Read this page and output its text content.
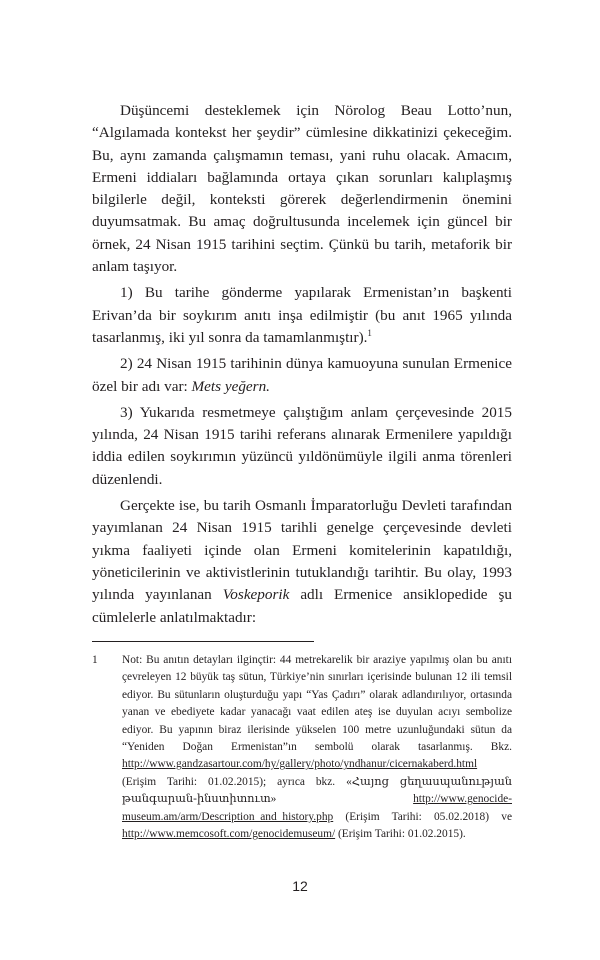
Düşüncemi desteklemek için Nörolog Beau Lotto’nun, “Algılamada kontekst her şeydir” cümlesine dikkatinizi çekeceğim. Bu, aynı zamanda çalışmamın teması, yani ruhu olacak. Amacım, Ermeni iddiaları bağlamında ortaya çıkan sorunları kalıplaşmış bilgilerle değil, konteksti görerek değerlendirmenin önemini duyumsatmak. Bu amaç doğrultusunda incelemek için güncel bir örnek, 24 Nisan 1915 tarihini seçtim. Çünkü bu tarih, metaforik bir anlam taşıyor.

1) Bu tarihe gönderme yapılarak Ermenistan’ın başkenti Erivan’da bir soykırım anıtı inşa edilmiştir (bu anıt 1965 yılında tasarlanmış, iki yıl sonra da tamamlanmıştır).$^1$

2) 24 Nisan 1915 tarihinin dünya kamuoyuna sunulan Ermenice özel bir adı var: Mets yeğern.

3) Yukarıda resmetmeye çalıştığım anlam çerçevesinde 2015 yılında, 24 Nisan 1915 tarihi referans alınarak Ermenilere yapıldığı iddia edilen soykırımın yüzüncü yıldönümüyle ilgili anma törenleri düzenlendi.

Gerçekte ise, bu tarih Osmanlı İmparatorluğu Devleti tarafından yayımlanan 24 Nisan 1915 tarihli genelge çerçevesinde devleti yıkma faaliyeti içinde olan Ermeni komitelerinin kapatıldığı, yöneticilerinin ve aktivistlerinin tutuklandığı tarihtir. Bu olay, 1993 yılında yayınlanan Voskeporik adlı Ermenice ansiklopedide şu cümlelerle anlatılmaktadır:

1	Not: Bu anıtın detayları ilginçtir: 44 metrekarelik bir araziye yapılmış olan bu anıtı çevreleyen 12 büyük taş sütun, Türkiye’nin sınırları içerisinde bulunan 12 ili temsil ediyor. Bu sütunların oluşturduğu yapı “Yas Çadırı” olarak adlandırılıyor, ortasında yanan ve ebediyete kadar yanacağı vaat edilen ateş ise duyulan acıyı sembolize ediyor. Bu yapının biraz ilerisinde yükselen 100 metre uzunluğundaki sütun da “Yeniden Doğan Ermenistan”ın sembolü olarak tasarlanmış. Bkz. http://www.gandzasartour.com/hy/gallery/photo/yndhanur/cicernakaberd.html (Erişim Tarihi: 01.02.2015); ayrıca bkz. «Հայոց ցեղասպանության թանգարան-ինստիտուտ» http://www.genocide-museum.am/arm/Description_and_history.php (Erişim Tarihi: 05.02.2018) ve http://www.memcosoft.com/genocidemuseum/ (Erişim Tarihi: 01.02.2015).
12
